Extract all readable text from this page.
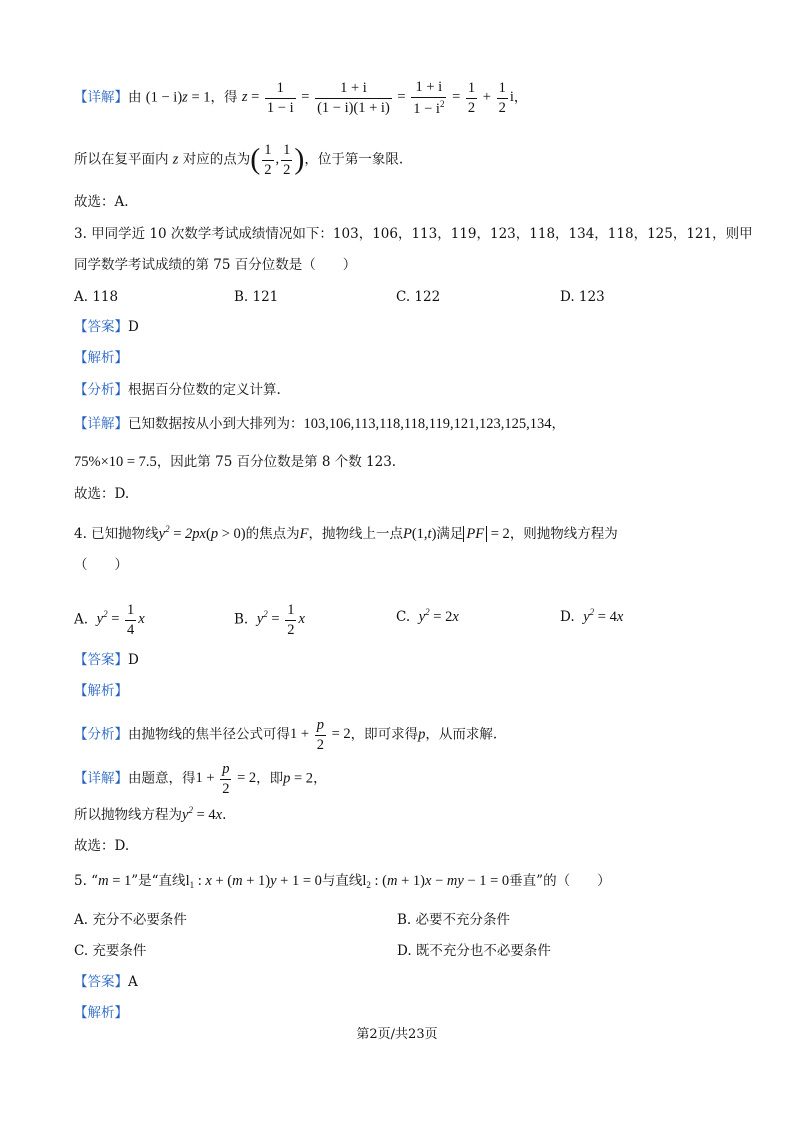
【详解】由 (1 − i)z = 1，得 $z = \frac{1}{1 - i} = \frac{1 + i}{(1 - i)(1 + i)} = \frac{1 + i}{1 - i^2} = \frac{1}{2} + \frac{1}{2}$ i，
所以在复平面内 z 对应的点为( $\frac{1}{2}$ , $\frac{1}{2}$ )，位于第一象限.
故选：A.
3. 甲同学近 10 次数学考试成绩情况如下：103，106，113，119，123，118，134，118，125，121，则甲
同学数学考试成绩的第 75 百分位数是（　　）
A. 118	B. 121	C. 122	D. 123
【答案】D
【解析】
【分析】根据百分位数的定义计算.
【详解】已知数据按从小到大排列为：103,106,113,118,118,119,121,123,125,134，
75%×10 = 7.5，因此第 75 百分位数是第 8 个数 123.
故选：D.
4. 已知抛物线$y^2 = 2px(p > 0)$的焦点为F，抛物线上一点P(1,t)满足 PF = 2，则抛物线方程为
（　　）
A. $y^2 = \frac{1}{4}$ x	B. $y^2 = \frac{1}{2}$ x	C. $y^2 = 2x$	D. $y^2 = 4x$
【答案】D
【解析】
【分析】由抛物线的焦半径公式可得$1 + \frac{p}{2} = 2$，即可求得p，从而求解.
【详解】由题意，得$1 + \frac{p}{2} = 2$，即p = 2，
所以抛物线方程为$y^2 = 4x$.
故选：D.
5. “m = 1”是“直线$l_1$ : x + (m + 1)y + 1 = 0与直线$l_2$ : (m + 1)x − my − 1 = 0垂直”的（　　）
A. 充分不必要条件	B. 必要不充分条件
C. 充要条件	D. 既不充分也不必要条件
【答案】A
【解析】
第2页/共23页
